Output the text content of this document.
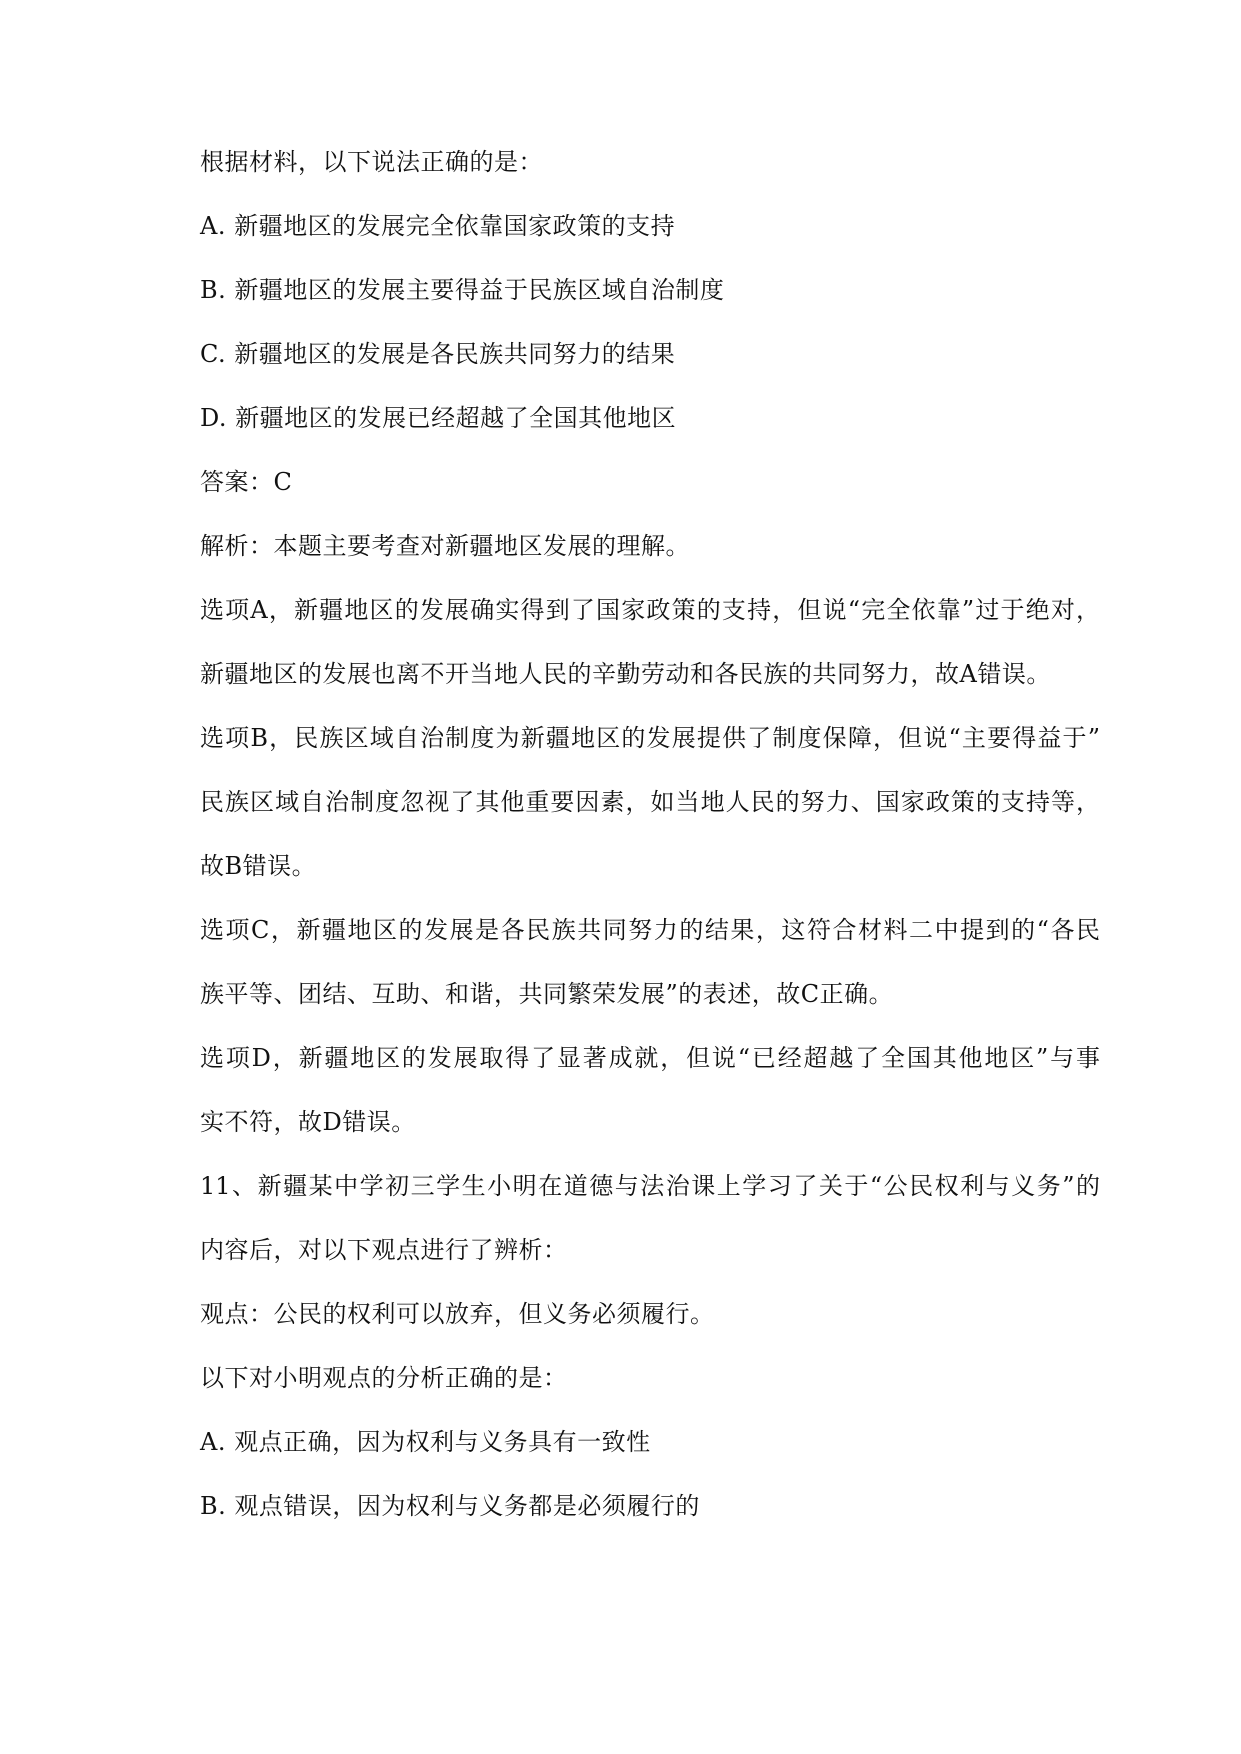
根据材料，以下说法正确的是：
A. 新疆地区的发展完全依靠国家政策的支持
B. 新疆地区的发展主要得益于民族区域自治制度
C. 新疆地区的发展是各民族共同努力的结果
D. 新疆地区的发展已经超越了全国其他地区
答案：C
解析：本题主要考查对新疆地区发展的理解。
选项A，新疆地区的发展确实得到了国家政策的支持，但说“完全依靠”过于绝对，
新疆地区的发展也离不开当地人民的辛勤劳动和各民族的共同努力，故A错误。
选项B，民族区域自治制度为新疆地区的发展提供了制度保障，但说“主要得益于”
民族区域自治制度忽视了其他重要因素，如当地人民的努力、国家政策的支持等，
故B错误。
选项C，新疆地区的发展是各民族共同努力的结果，这符合材料二中提到的“各民
族平等、团结、互助、和谐，共同繁荣发展”的表述，故C正确。
选项D，新疆地区的发展取得了显著成就，但说“已经超越了全国其他地区”与事
实不符，故D错误。
11、新疆某中学初三学生小明在道德与法治课上学习了关于“公民权利与义务”的
内容后，对以下观点进行了辨析：
观点：公民的权利可以放弃，但义务必须履行。
以下对小明观点的分析正确的是：
A. 观点正确，因为权利与义务具有一致性
B. 观点错误，因为权利与义务都是必须履行的
